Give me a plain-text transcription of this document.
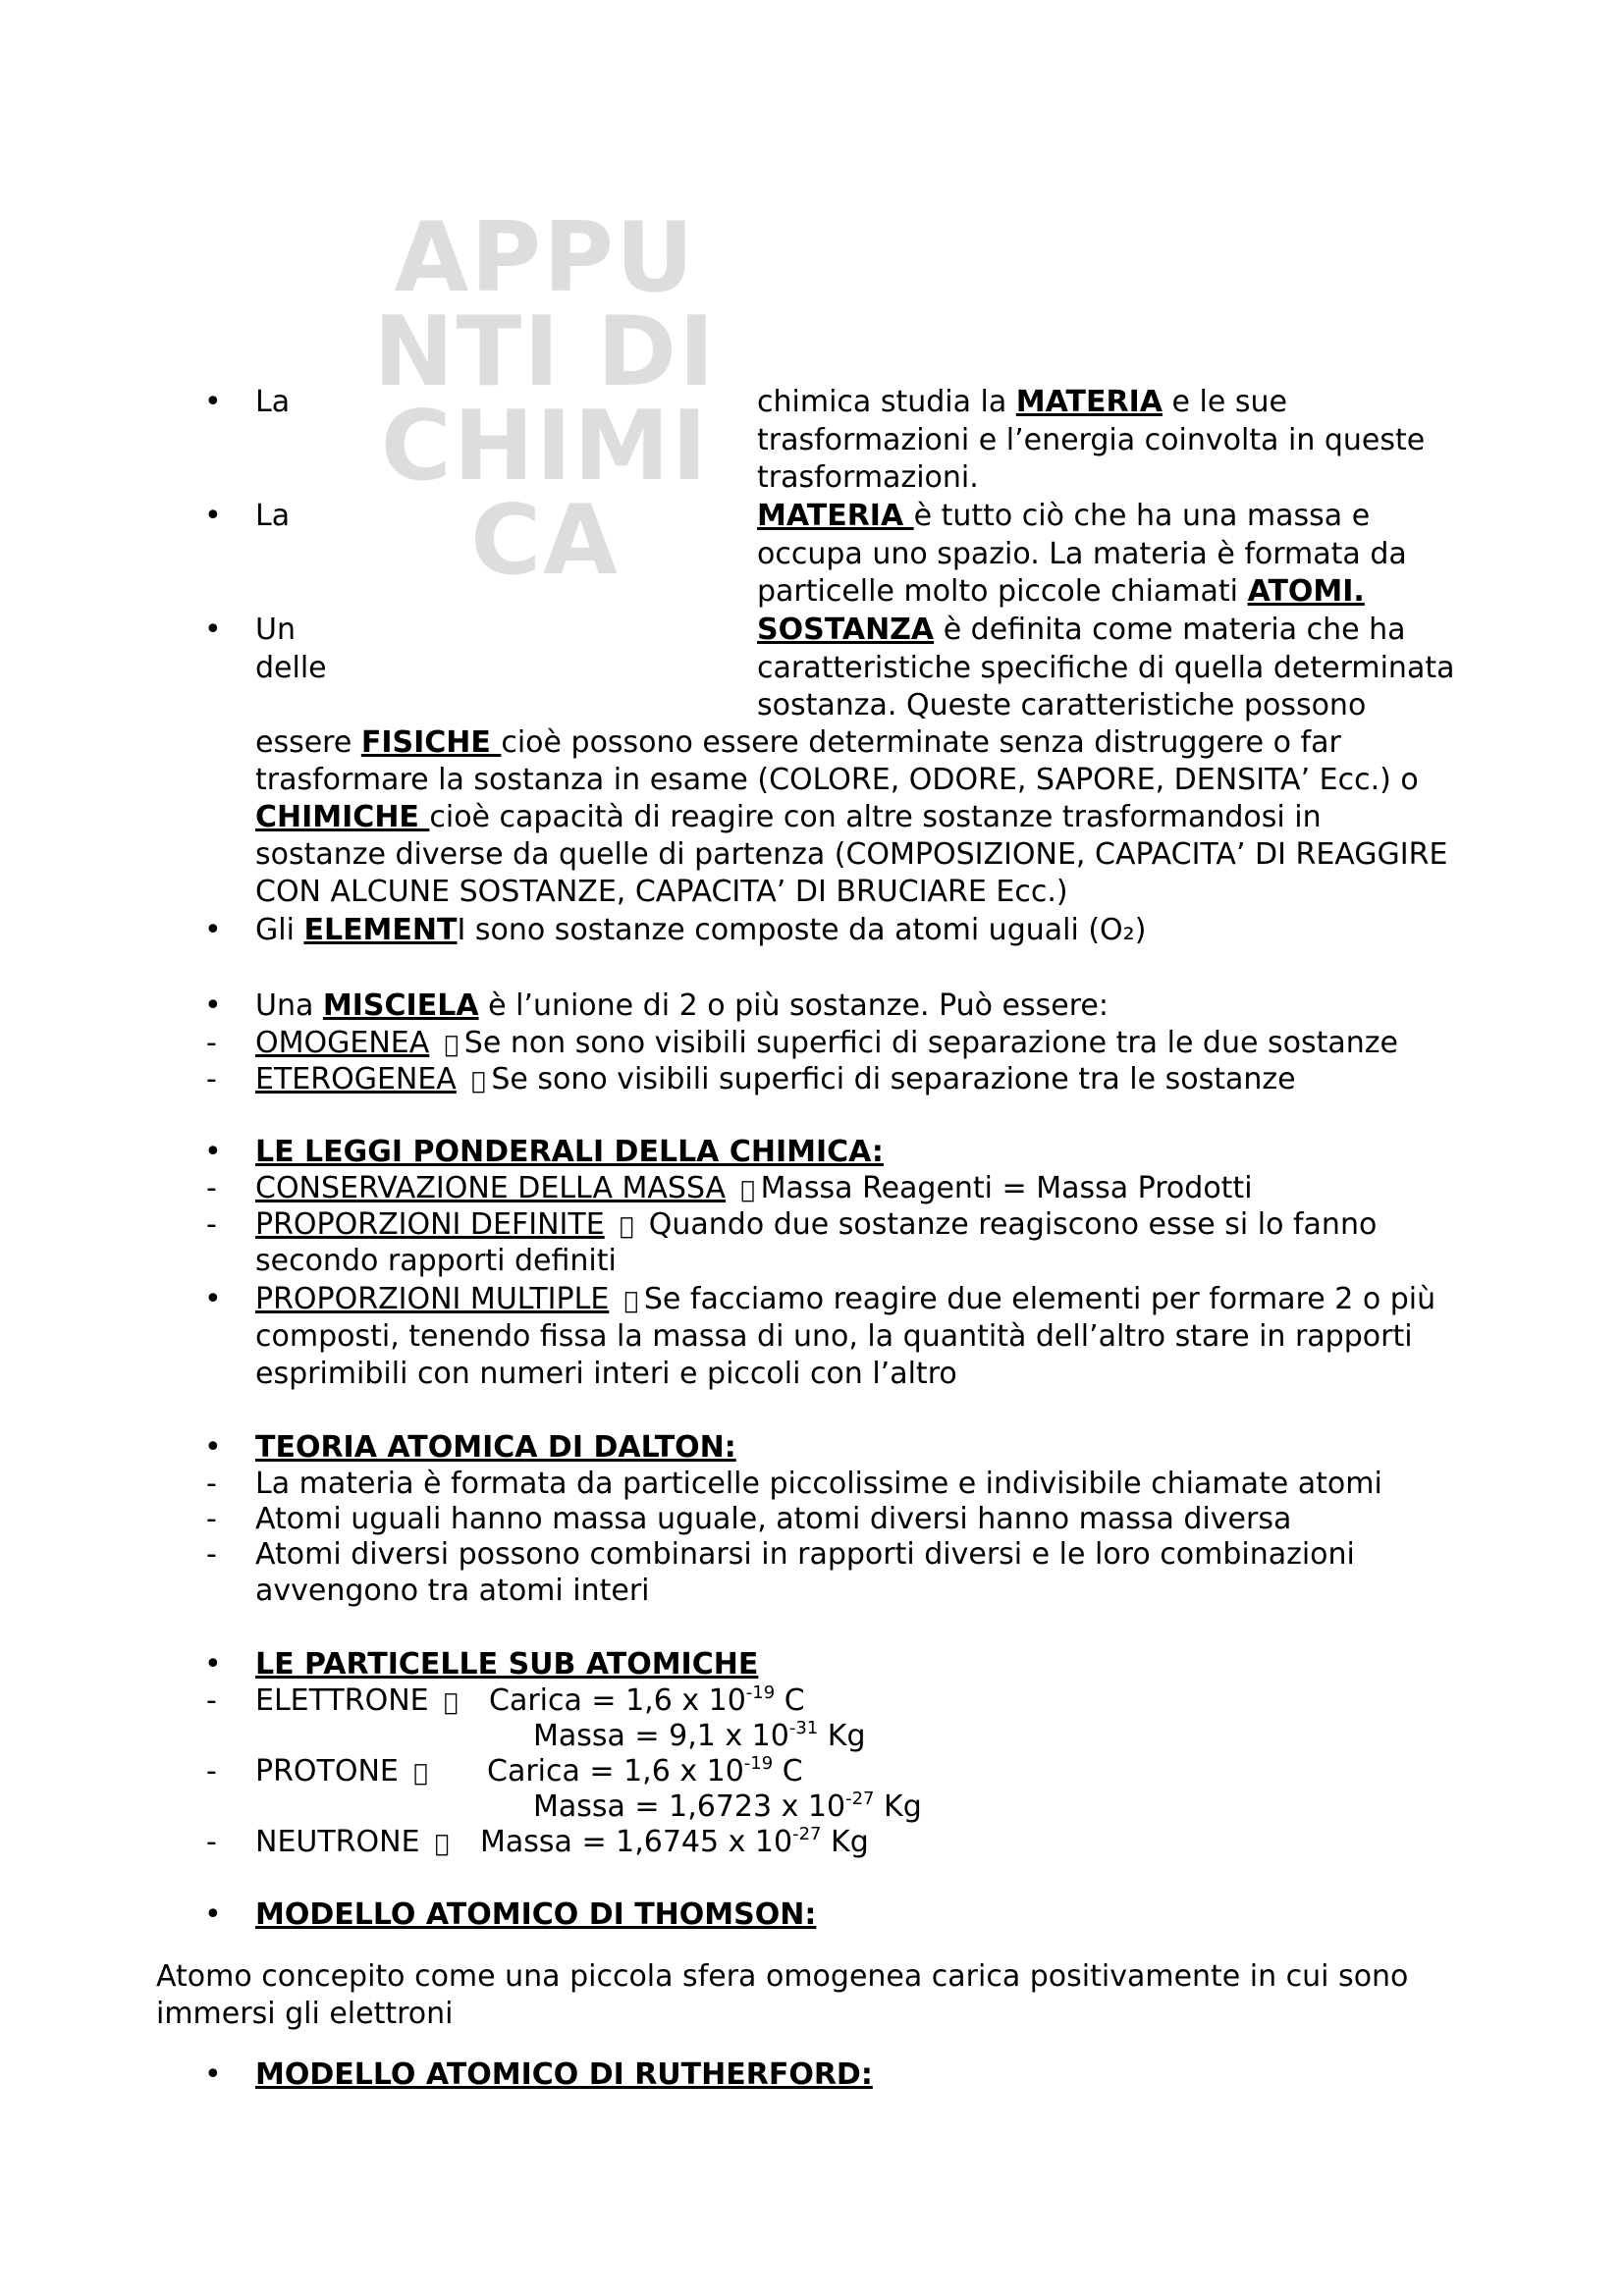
APPUNTI DI CHIMICA
• La	chimica studia la MATERIA e le sue
trasformazioni e l’energia coinvolta in queste
trasformazioni.
• La	MATERIA è tutto ciò che ha una massa e
occupa uno spazio. La materia è formata da
particelle molto piccole chiamati ATOMI.
• Un
delle
SOSTANZA è definita come materia che ha
caratteristiche specifiche di quella determinata
sostanza. Queste caratteristiche possono
essere FISICHE cioè possono essere determinate senza distruggere o far
trasformare la sostanza in esame (COLORE, ODORE, SAPORE, DENSITA’ Ecc.) o
CHIMICHE cioè capacità di reagire con altre sostanze trasformandosi in
sostanze diverse da quelle di partenza (COMPOSIZIONE, CAPACITA’ DI REAGGIRE
CON ALCUNE SOSTANZE, CAPACITA’ DI BRUCIARE Ecc.)
• Gli ELEMENTI sono sostanze composte da atomi uguali (O₂)
• Una MISCIELA è l’unione di 2 o più sostanze. Può essere:
- OMOGENEA Se non sono visibili superfici di separazione tra le due sostanze
- ETEROGENEA Se sono visibili superfici di separazione tra le sostanze
• LE LEGGI PONDERALI DELLA CHIMICA:
- CONSERVAZIONE DELLA MASSA Massa Reagenti = Massa Prodotti
- PROPORZIONI DEFINITE  Quando due sostanze reagiscono esse si lo fanno
secondo rapporti definiti
• PROPORZIONI MULTIPLE Se facciamo reagire due elementi per formare 2 o più
composti, tenendo fissa la massa di uno, la quantità dell’altro stare in rapporti
esprimibili con numeri interi e piccoli con l’altro
• TEORIA ATOMICA DI DALTON:
- La materia è formata da particelle piccolissime e indivisibile chiamate atomi
- Atomi uguali hanno massa uguale, atomi diversi hanno massa diversa
- Atomi diversi possono combinarsi in rapporti diversi e le loro combinazioni
avvengono tra atomi interi
• LE PARTICELLE SUB ATOMICHE
- ELETTRONE	Carica = 1,6 x $10^{-19}$ C
Massa = 9,1 x $10^{-31}$ Kg
- PROTONE	Carica = 1,6 x $10^{-19}$ C
Massa = 1,6723 x $10^{-27}$ Kg
- NEUTRONE	Massa = 1,6745 x $10^{-27}$ Kg
• MODELLO ATOMICO DI THOMSON:
Atomo concepito come una piccola sfera omogenea carica positivamente in cui sono
immersi gli elettroni
• MODELLO ATOMICO DI RUTHERFORD:
